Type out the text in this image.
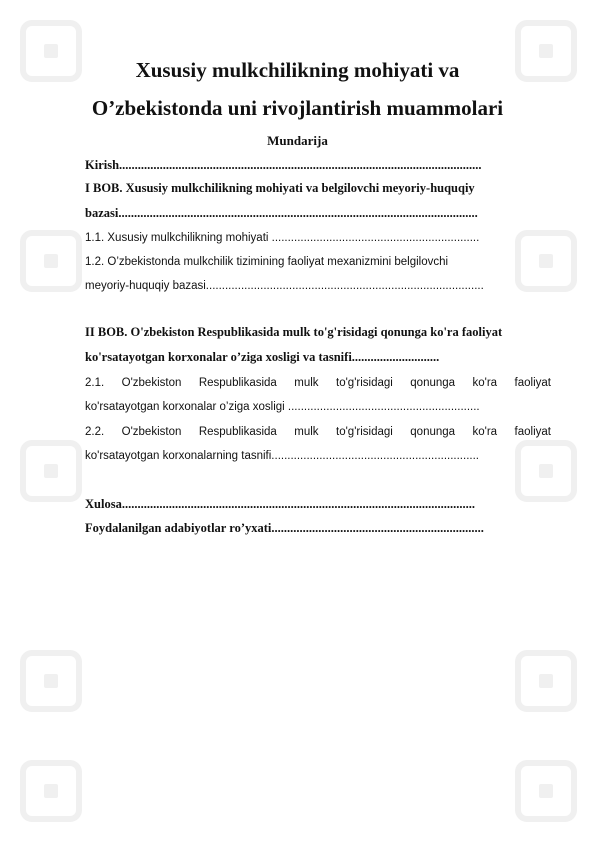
Xususiy mulkchilikning mohiyati va
O’zbekistonda uni rivojlantirish muammolari
Mundarija
Kirish....................................................................................................................
I BOB. Xususiy mulkchilikning mohiyati va belgilovchi meyoriy-huquqiy
bazasi...................................................................................................................
1.1. Xususiy mulkchilikning mohiyati .................................................................
1.2. O’zbekistonda mulkchilik tizimining faoliyat mexanizmini belgilovchi
meyoriy-huquqiy bazasi.......................................................................................
II BOB. O'zbekiston Respublikasida mulk to'g'risidagi qonunga ko'ra faoliyat
ko'rsatayotgan korxonalar o’ziga xosligi va tasnifi............................
2.1. O'zbekiston Respublikasida mulk to'g'risidagi qonunga ko'ra faoliyat
ko'rsatayotgan korxonalar o’ziga xosligi ............................................................
2.2. O'zbekiston Respublikasida mulk to'g'risidagi qonunga ko'ra faoliyat
ko'rsatayotgan korxonalarning tasnifi.................................................................
Xulosa.................................................................................................................
Foydalanilgan adabiyotlar ro’yxati....................................................................
